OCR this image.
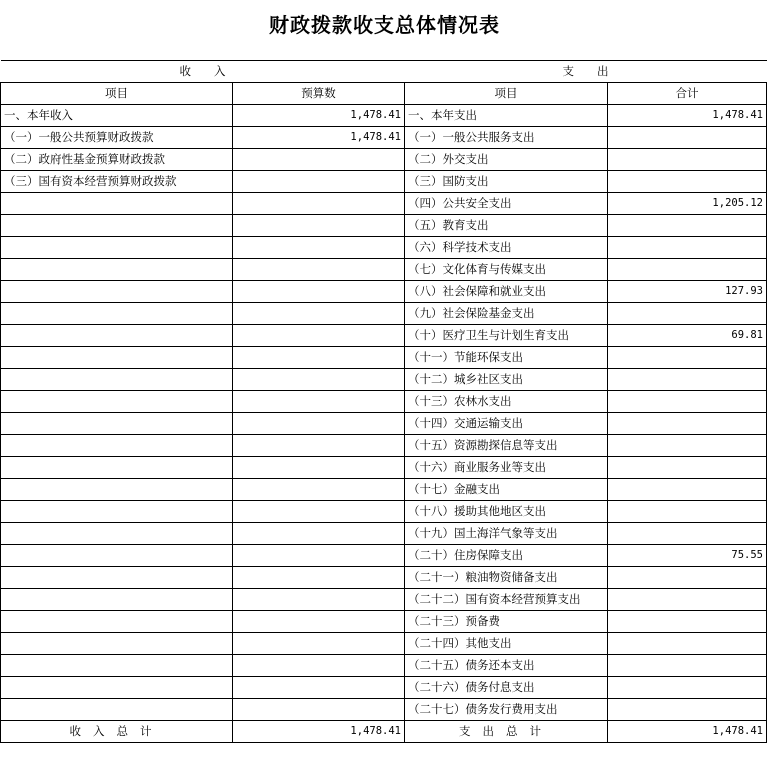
财政拨款收支总体情况表
收　　入		支　　出	
项目	预算数	项目	合计
一、本年收入	1,478.41	一、本年支出	1,478.41
（一）一般公共预算财政拨款	1,478.41	（一）一般公共服务支出	
（二）政府性基金预算财政拨款		（二）外交支出	
（三）国有资本经营预算财政拨款		（三）国防支出	
		（四）公共安全支出	1,205.12
		（五）教育支出	
		（六）科学技术支出	
		（七）文化体育与传媒支出	
		（八）社会保障和就业支出	127.93
		（九）社会保险基金支出	
		（十）医疗卫生与计划生育支出	69.81
		（十一）节能环保支出	
		（十二）城乡社区支出	
		（十三）农林水支出	
		（十四）交通运输支出	
		（十五）资源勘探信息等支出	
		（十六）商业服务业等支出	
		（十七）金融支出	
		（十八）援助其他地区支出	
		（十九）国土海洋气象等支出	
		（二十）住房保障支出	75.55
		（二十一）粮油物资储备支出	
		（二十二）国有资本经营预算支出	
		（二十三）预备费	
		（二十四）其他支出	
		（二十五）债务还本支出	
		（二十六）债务付息支出	
		（二十七）债务发行费用支出	
收入总计	1,478.41	支出总计	1,478.41
